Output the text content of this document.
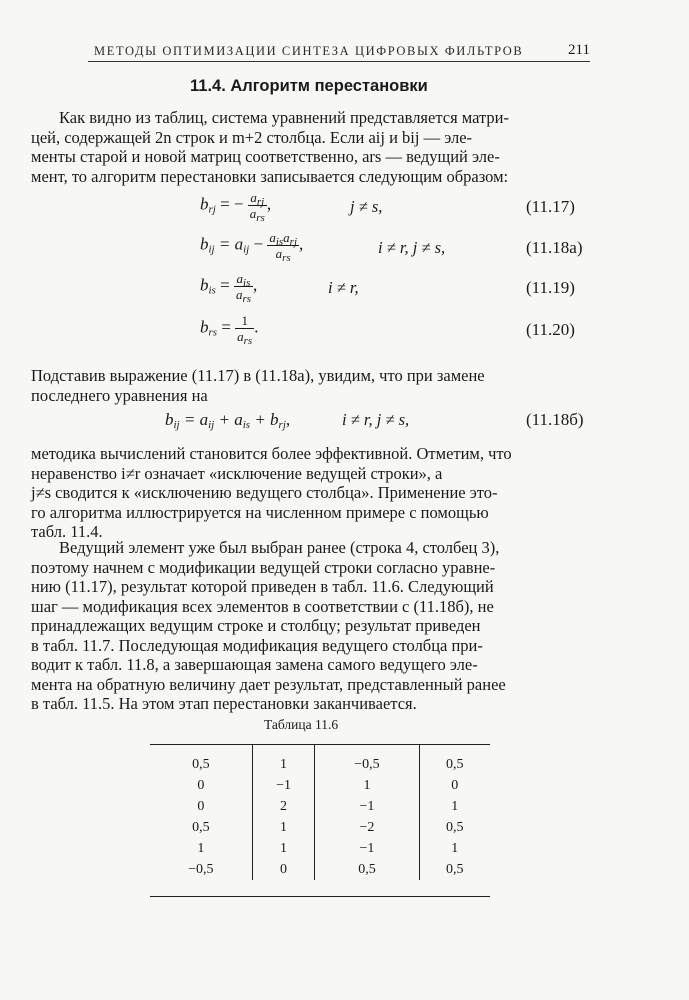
МЕТОДЫ ОПТИМИЗАЦИИ СИНТЕЗА ЦИФРОВЫХ ФИЛЬТРОВ	211
11.4. Алгоритм перестановки

Как видно из таблиц, система уравнений представляется матри-

цей, содержащей 2n строк и m+2 столбца. Если aij и bij — эле-

менты старой и новой матриц соответственно, ars — ведущий эле-

мент, то алгоритм перестановки записывается следующим образом:

$b_{rj}$ = − $\frac{a_{rj}}{a_{rs}}$ ,	j ≠ s,	(11.17)
$b_{ij} = a_{ij} - \frac{a_{is}a_{rj}}{a_{rs}}$ ,	i ≠ r, j ≠ s,	(11.18a)
$b_{is} = \frac{a_{is}}{a_{rs}}$ ,	i ≠ r,	(11.19)
$b_{rs} = \frac{1}{a_{rs}}$ .	(11.20)

Подставив выражение (11.17) в (11.18а), увидим, что при замене

последнего уравнения на

$b_{ij} = a_{ij} + a_{is} + b_{rj}$,	i ≠ r, j ≠ s,	(11.18б)

методика вычислений становится более эффективной. Отметим, что

неравенство i≠r означает «исключение ведущей строки», а

j≠s сводится к «исключению ведущего столбца». Применение это-

го алгоритма иллюстрируется на численном примере с помощью

табл. 11.4.

Ведущий элемент уже был выбран ранее (строка 4, столбец 3),

поэтому начнем с модификации ведущей строки согласно уравне-

нию (11.17), результат которой приведен в табл. 11.6. Следующий

шаг — модификация всех элементов в соответствии с (11.18б), не

принадлежащих ведущим строке и столбцу; результат приведен

в табл. 11.7. Последующая модификация ведущего столбца при-

водит к табл. 11.8, а завершающая замена самого ведущего эле-

мента на обратную величину дает результат, представленный ранее

в табл. 11.5. На этом этап перестановки заканчивается.

Таблица 11.6
0,5	1	−0,5	0,5
0	−1	1	0
0	2	−1	1
0,5	1	−2	0,5
1	1	−1	1
−0,5	0	0,5	0,5
